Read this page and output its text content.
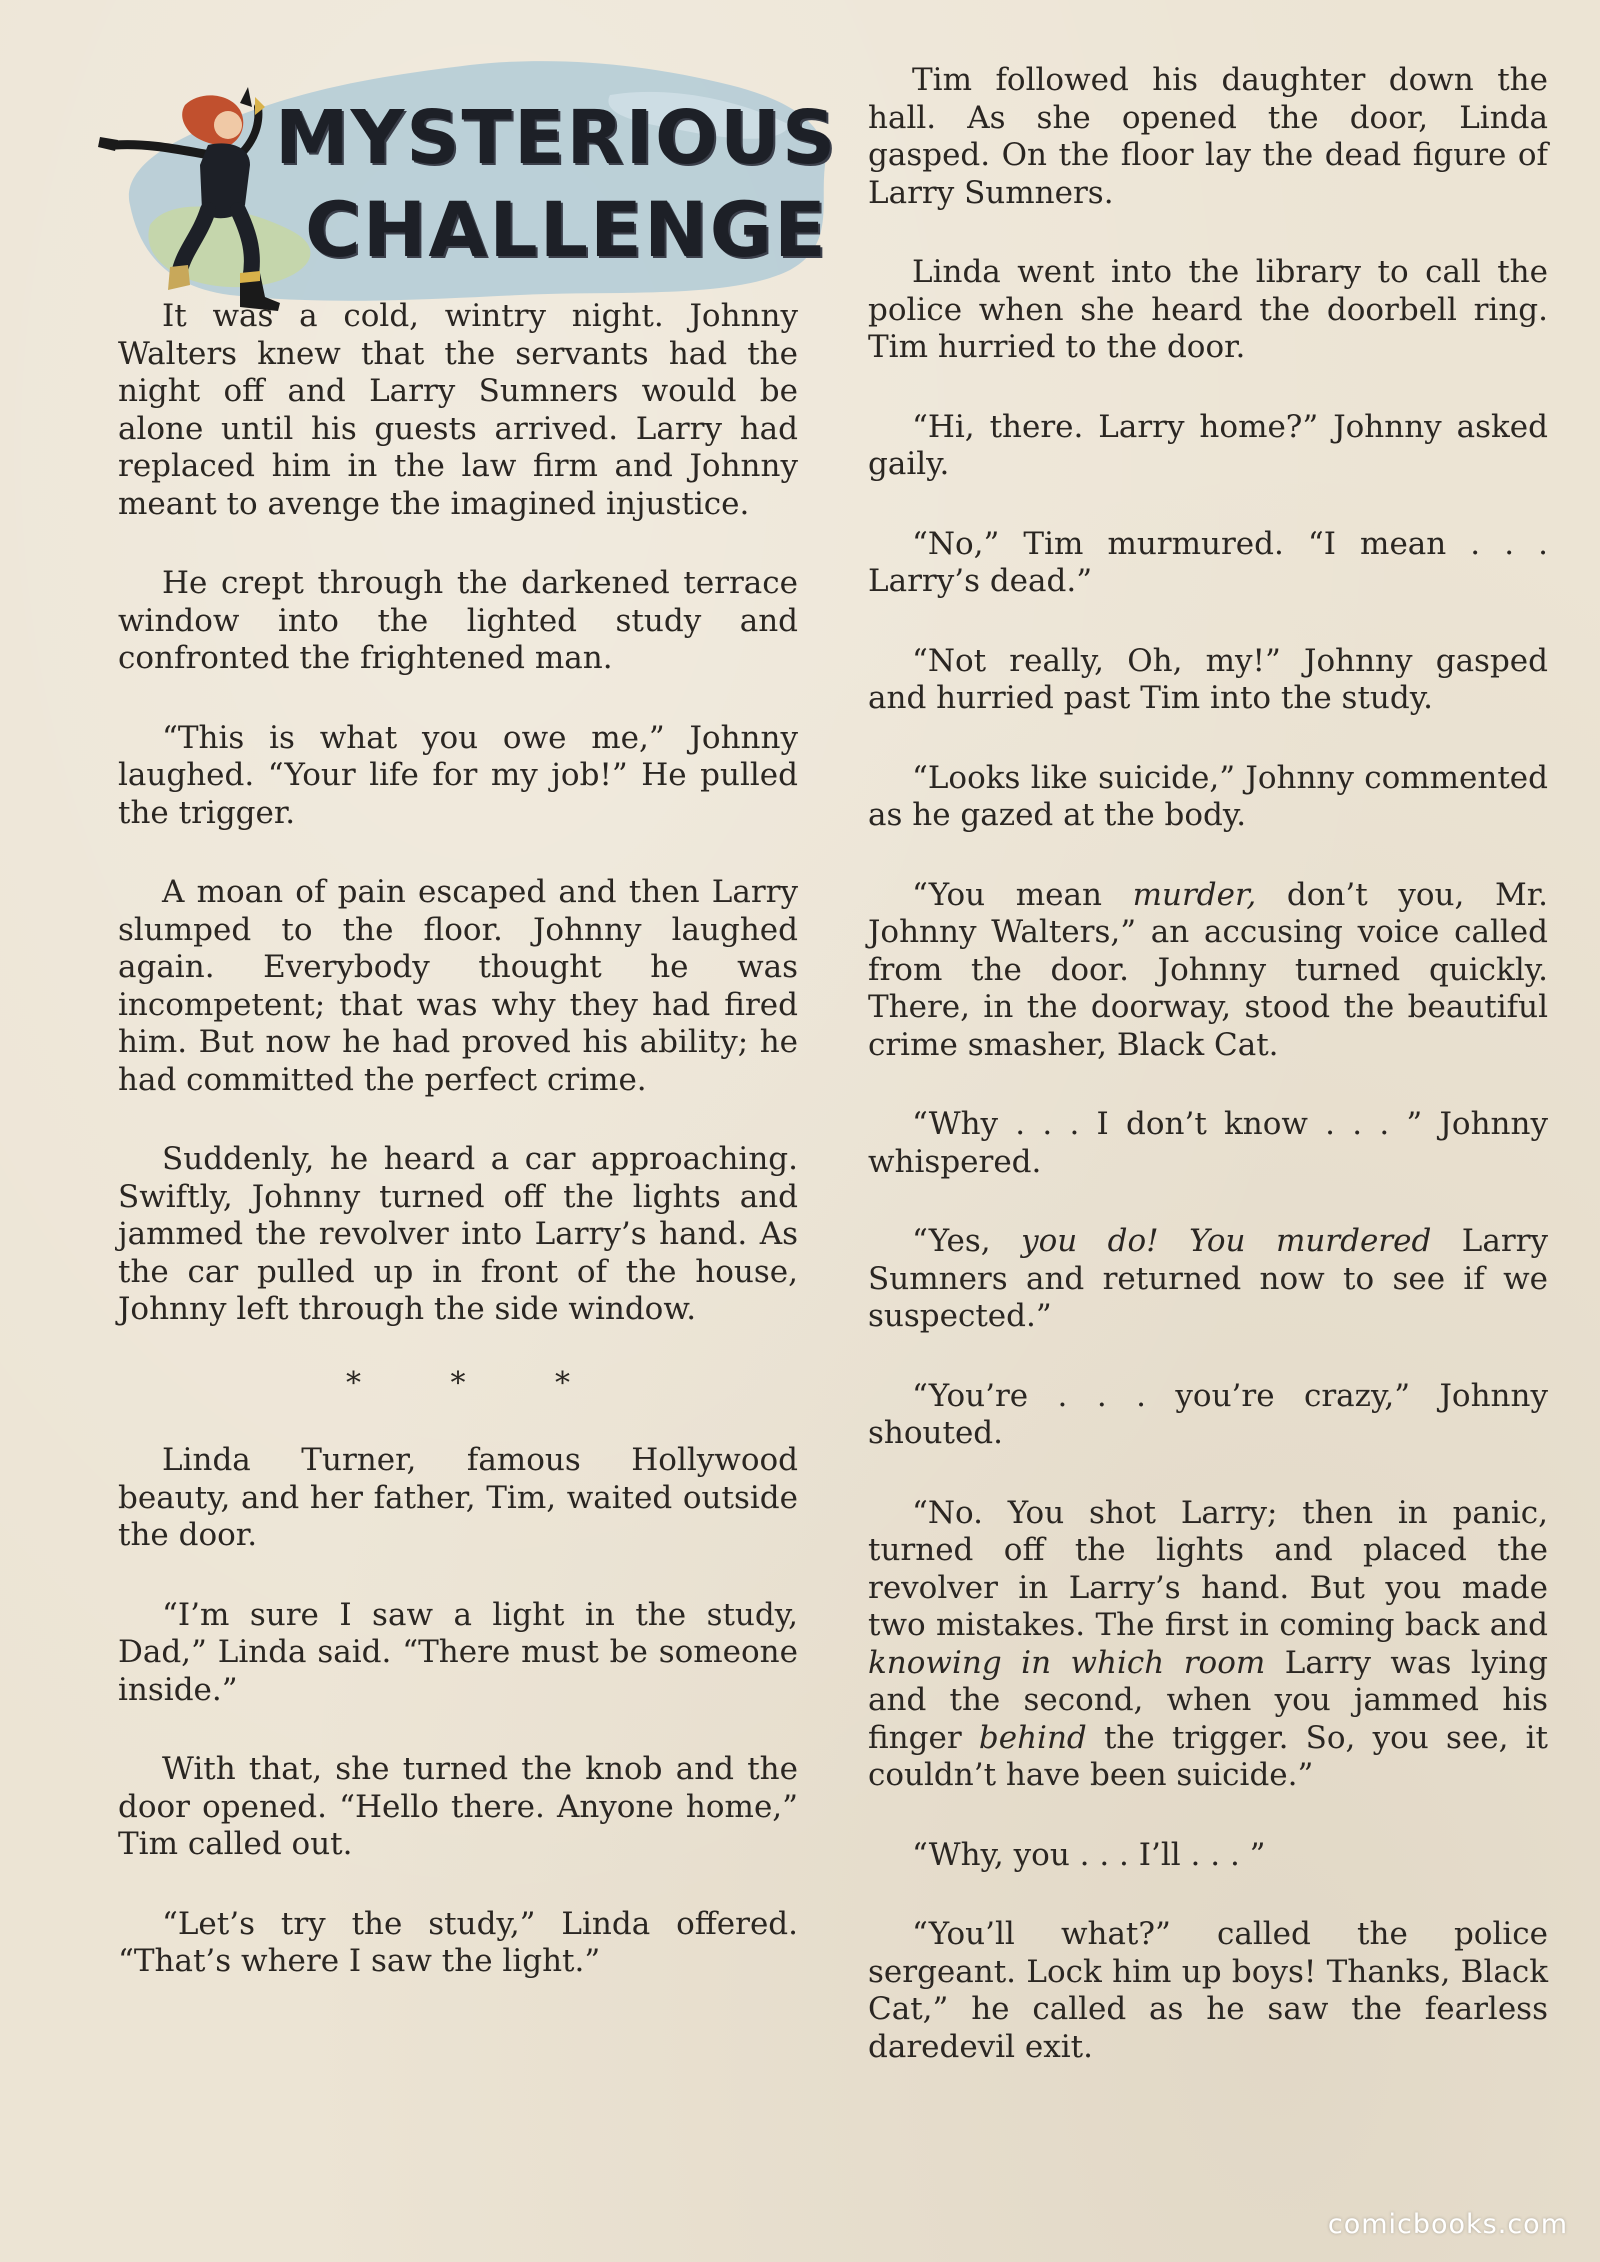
MYSTERIOUS
CHALLENGE

It was a cold, wintry night. Johnny Walters knew that the servants had the night off and Larry Sumners would be alone until his guests arrived. Larry had replaced him in the law firm and Johnny meant to avenge the imagined injustice.

He crept through the darkened terrace window into the lighted study and confronted the frightened man.

“This is what you owe me,” Johnny laughed. “Your life for my job!” He pulled the trigger.

A moan of pain escaped and then Larry slumped to the floor. Johnny laughed again. Everybody thought he was incompetent; that was why they had fired him. But now he had proved his ability; he had committed the perfect crime.

Suddenly, he heard a car approaching. Swiftly, Johnny turned off the lights and jammed the revolver into Larry’s hand. As the car pulled up in front of the house, Johnny left through the side window.

* * *

Linda Turner, famous Hollywood beauty, and her father, Tim, waited outside the door.

“I’m sure I saw a light in the study, Dad,” Linda said. “There must be someone inside.”

With that, she turned the knob and the door opened. “Hello there. Anyone home,” Tim called out.

“Let’s try the study,” Linda offered. “That’s where I saw the light.”

Tim followed his daughter down the hall. As she opened the door, Linda gasped. On the floor lay the dead figure of Larry Sumners.

Linda went into the library to call the police when she heard the doorbell ring. Tim hurried to the door.

“Hi, there. Larry home?” Johnny asked gaily.

“No,” Tim murmured. “I mean . . . Larry’s dead.”

“Not really, Oh, my!” Johnny gasped and hurried past Tim into the study.

“Looks like suicide,” Johnny commented as he gazed at the body.

“You mean murder, don’t you, Mr. Johnny Walters,” an accusing voice called from the door. Johnny turned quickly. There, in the doorway, stood the beautiful crime smasher, Black Cat.

“Why . . . I don’t know . . . ” Johnny whispered.

“Yes, you do! You murdered Larry Sumners and returned now to see if we suspected.”

“You’re . . . you’re crazy,” Johnny shouted.

“No. You shot Larry; then in panic, turned off the lights and placed the revolver in Larry’s hand. But you made two mistakes. The first in coming back and knowing in which room Larry was lying and the second, when you jammed his finger behind the trigger. So, you see, it couldn’t have been suicide.”

“Why, you . . . I’ll . . . ”

“You’ll what?” called the police sergeant. Lock him up boys! Thanks, Black Cat,” he called as he saw the fearless daredevil exit.

comicbooks.com
